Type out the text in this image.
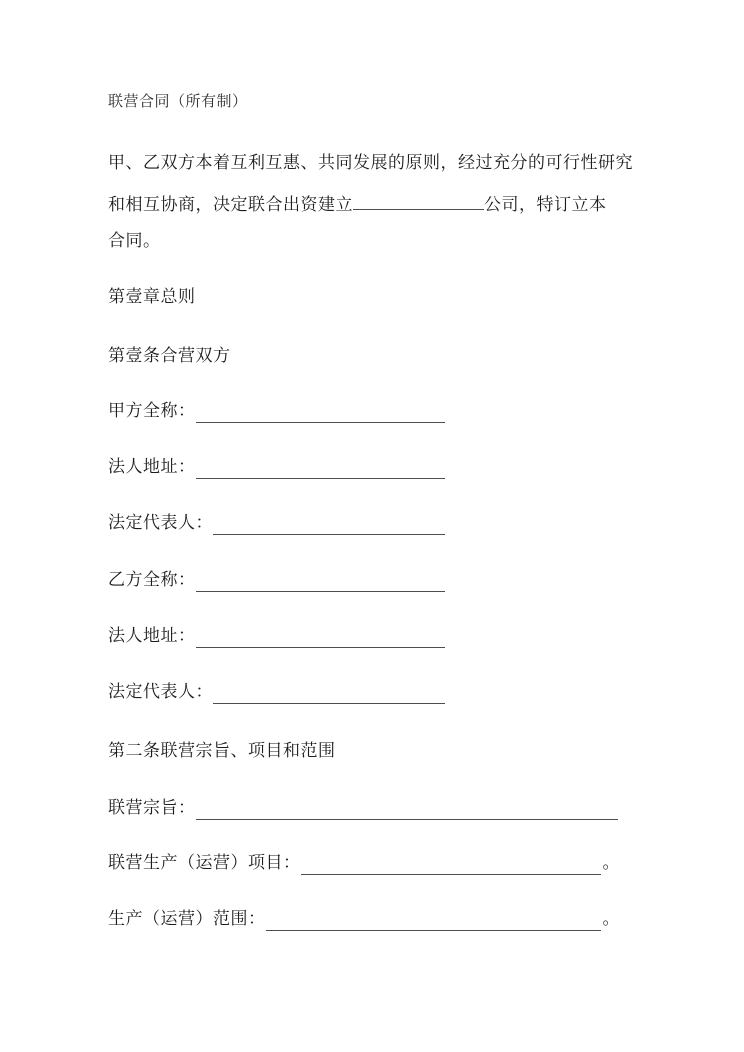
联营合同（所有制）
甲、乙双方本着互利互惠、共同发展的原则，经过充分的可行性研究
和相互协商，决定联合出资建立	公司，特订立本
合同。
第壹章总则
第壹条合营双方
甲方全称：
法人地址：
法定代表人：
乙方全称：
法人地址：
法定代表人：
第二条联营宗旨、项目和范围
联营宗旨：
联营生产（运营）项目：	。
生产（运营）范围：	。
